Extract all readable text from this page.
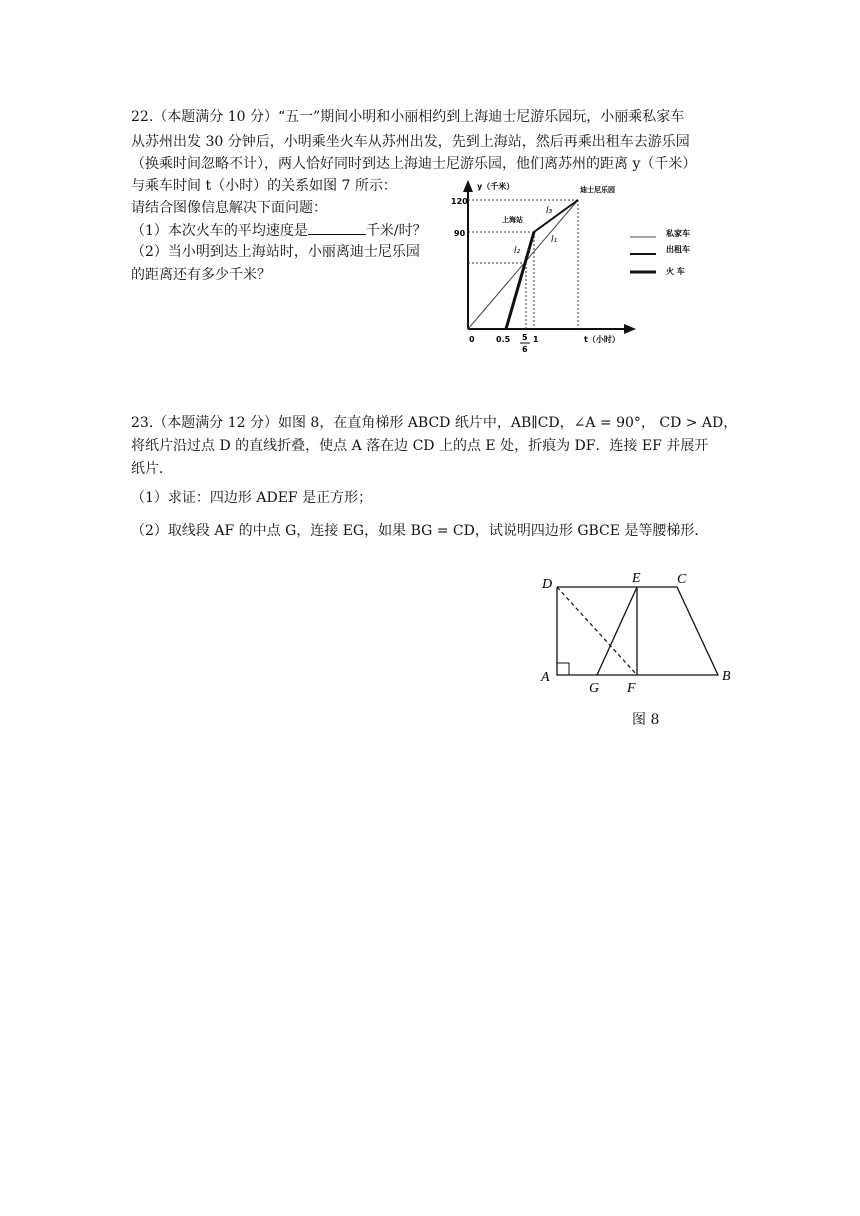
22.（本题满分 10 分）“五一”期间小明和小丽相约到上海迪士尼游乐园玩，小丽乘私家车
从苏州出发 30 分钟后，小明乘坐火车从苏州出发，先到上海站，然后再乘出租车去游乐园
（换乘时间忽略不计），两人恰好同时到达上海迪士尼游乐园，他们离苏州的距离 y（千米）
与乘车时间 t（小时）的关系如图 7 所示：
请结合图像信息解决下面问题：
（1）本次火车的平均速度是	千米/时？
（2）当小明到达上海站时，小丽离迪士尼乐园
的距离还有多少千米？
120
90
0	0.5 5
6
1
y（千米）
t（小时）
迪士尼乐园
上海站
l₃
l₂
l₁
私家车
出租车
火 车
23.（本题满分 12 分）如图 8，在直角梯形 ABCD 纸片中，AB∥CD，∠A = 90°， CD > AD，
将纸片沿过点 D 的直线折叠，使点 A 落在边 CD 上的点 E 处，折痕为 DF．连接 EF 并展开
纸片．
（1）求证：四边形 ADEF 是正方形；
（2）取线段 AF 的中点 G，连接 EG，如果 BG = CD，试说明四边形 GBCE 是等腰梯形．
D	E	C
A
G F
B
图 8
